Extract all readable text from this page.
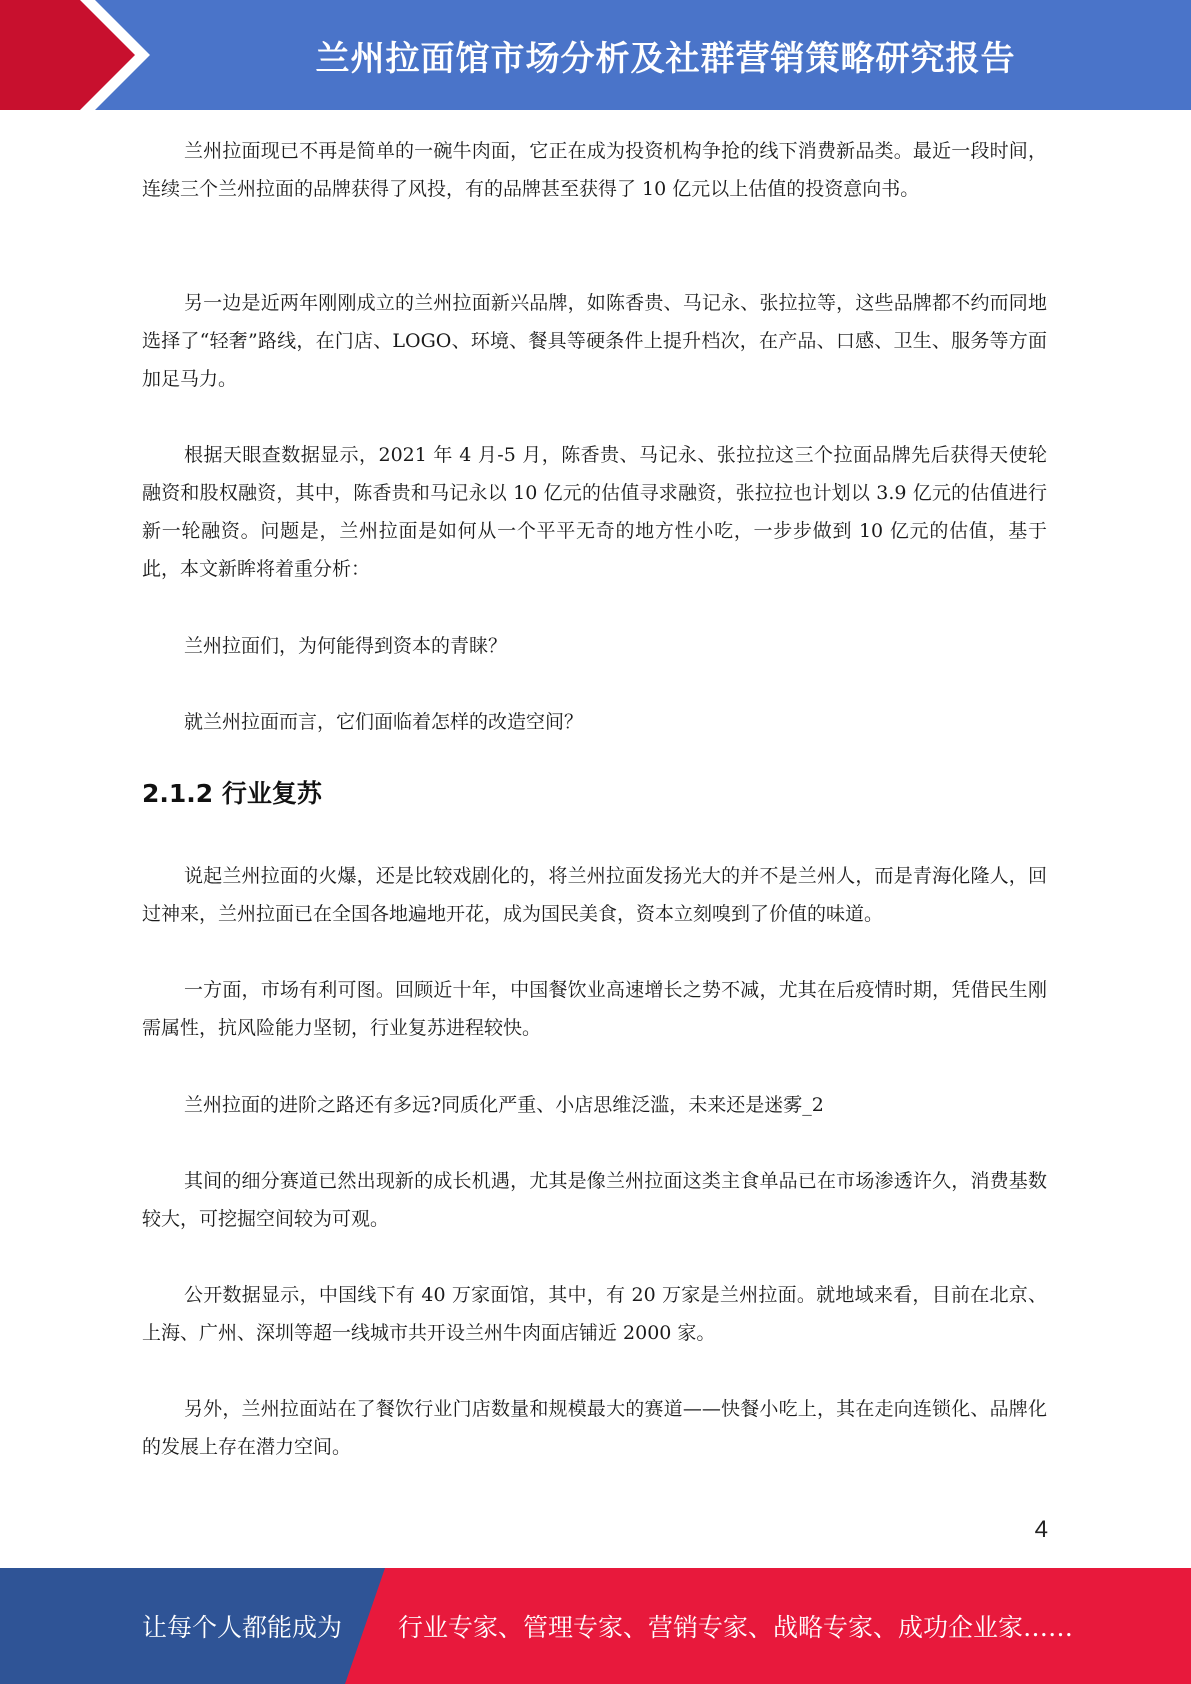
兰州拉面馆市场分析及社群营销策略研究报告

兰州拉面现已不再是简单的一碗牛肉面，它正在成为投资机构争抢的线下消费新品类。最近一段时间，连续三个兰州拉面的品牌获得了风投，有的品牌甚至获得了 10 亿元以上估值的投资意向书。

另一边是近两年刚刚成立的兰州拉面新兴品牌，如陈香贵、马记永、张拉拉等，这些品牌都不约而同地选择了“轻奢”路线，在门店、LOGO、环境、餐具等硬条件上提升档次，在产品、口感、卫生、服务等方面加足马力。

根据天眼查数据显示，2021 年 4 月-5 月，陈香贵、马记永、张拉拉这三个拉面品牌先后获得天使轮融资和股权融资，其中，陈香贵和马记永以 10 亿元的估值寻求融资，张拉拉也计划以 3.9 亿元的估值进行新一轮融资。问题是，兰州拉面是如何从一个平平无奇的地方性小吃，一步步做到 10 亿元的估值，基于此，本文新眸将着重分析：

兰州拉面们，为何能得到资本的青睐？

就兰州拉面而言，它们面临着怎样的改造空间？

2.1.2 行业复苏

说起兰州拉面的火爆，还是比较戏剧化的，将兰州拉面发扬光大的并不是兰州人，而是青海化隆人，回过神来，兰州拉面已在全国各地遍地开花，成为国民美食，资本立刻嗅到了价值的味道。

一方面，市场有利可图。回顾近十年，中国餐饮业高速增长之势不减，尤其在后疫情时期，凭借民生刚需属性，抗风险能力坚韧，行业复苏进程较快。

兰州拉面的进阶之路还有多远?同质化严重、小店思维泛滥，未来还是迷雾_2

其间的细分赛道已然出现新的成长机遇，尤其是像兰州拉面这类主食单品已在市场渗透许久，消费基数较大，可挖掘空间较为可观。

公开数据显示，中国线下有 40 万家面馆，其中，有 20 万家是兰州拉面。就地域来看，目前在北京、上海、广州、深圳等超一线城市共开设兰州牛肉面店铺近 2000 家。

另外，兰州拉面站在了餐饮行业门店数量和规模最大的赛道——快餐小吃上，其在走向连锁化、品牌化的发展上存在潜力空间。

4
让每个人都能成为 行业专家、管理专家、营销专家、战略专家、成功企业家……
